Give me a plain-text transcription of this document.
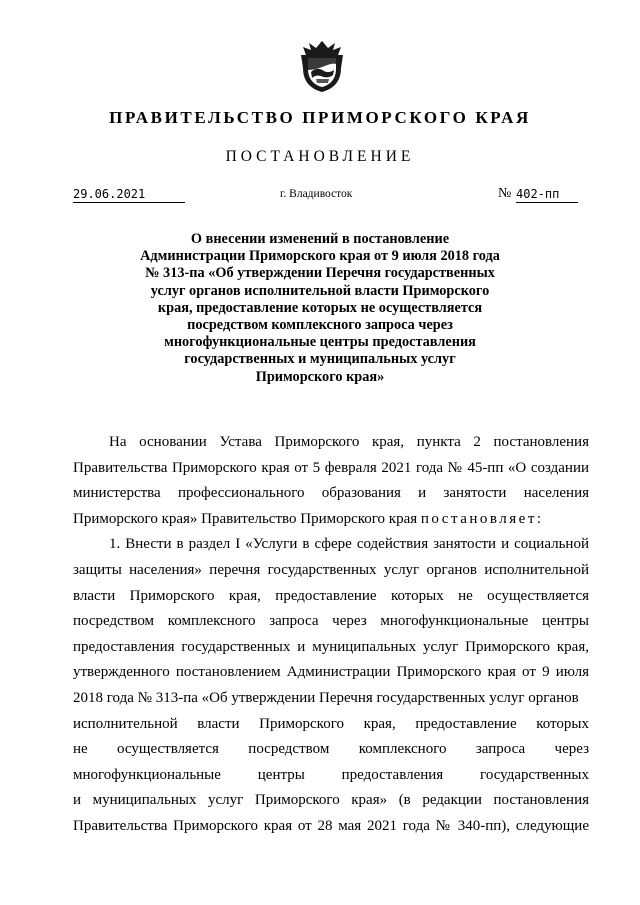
ПРАВИТЕЛЬСТВО ПРИМОРСКОГО КРАЯ
ПОСТАНОВЛЕНИЕ
29.06.2021	г. Владивосток	№ 402-пп
О внесении изменений в постановление
Администрации Приморского края от 9 июля 2018 года
№ 313-па «Об утверждении Перечня государственных
услуг органов исполнительной власти Приморского
края, предоставление которых не осуществляется
посредством комплексного запроса через
многофункциональные центры предоставления
государственных и муниципальных услуг
Приморского края»
На основании Устава Приморского края, пункта 2 постановления
Правительства Приморского края от 5 февраля 2021 года № 45-пп «О создании
министерства профессионального образования и занятости населения
Приморского края» Правительство Приморского края постановляет:
1. Внести в раздел I «Услуги в сфере содействия занятости и социальной
защиты населения» перечня государственных услуг органов исполнительной
власти Приморского края, предоставление которых не осуществляется
посредством комплексного запроса через многофункциональные центры
предоставления государственных и муниципальных услуг Приморского края,
утвержденного постановлением Администрации Приморского края от 9 июля
2018 года № 313-па «Об утверждении Перечня государственных услуг органов
исполнительной власти Приморского края, предоставление которых
не осуществляется посредством комплексного запроса через
многофункциональные центры предоставления государственных
и муниципальных услуг Приморского края» (в редакции постановления
Правительства Приморского края от 28 мая 2021 года № 340-пп), следующие
